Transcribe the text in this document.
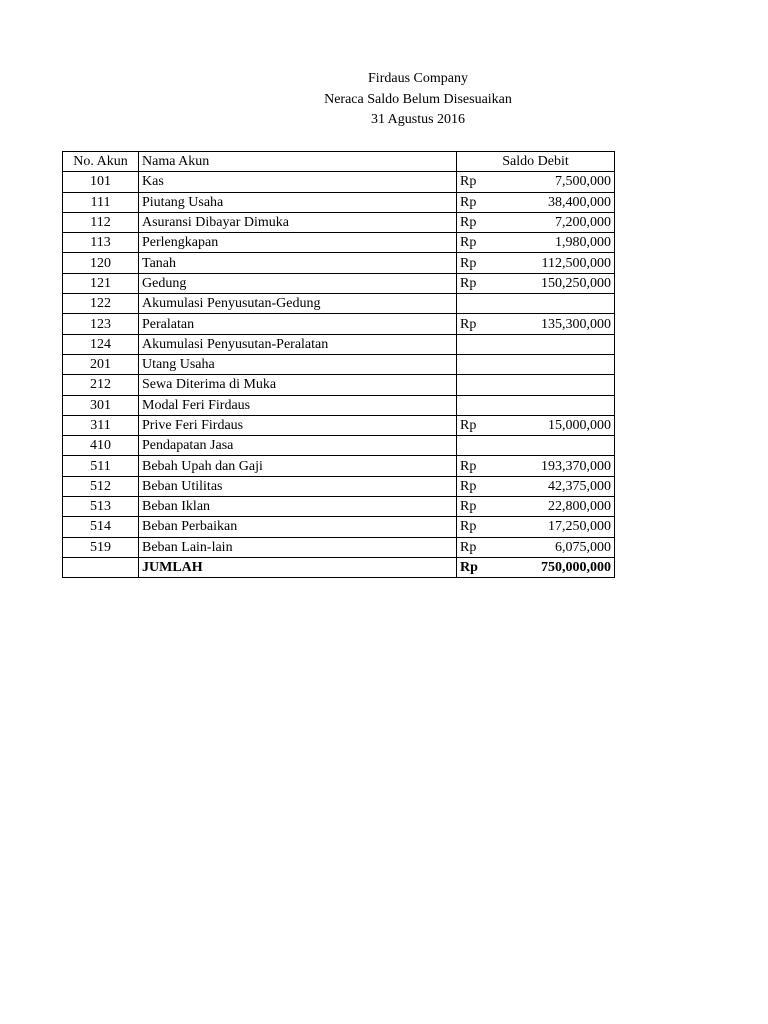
Firdaus Company
Neraca Saldo Belum Disesuaikan
31 Agustus 2016
No. Akun	Nama Akun	Saldo Debit	
101	Kas	Rp	7,500,000
111	Piutang Usaha	Rp	38,400,000
112	Asuransi Dibayar Dimuka	Rp	7,200,000
113	Perlengkapan	Rp	1,980,000
120	Tanah	Rp	112,500,000
121	Gedung	Rp	150,250,000
122	Akumulasi Penyusutan-Gedung		
123	Peralatan	Rp	135,300,000
124	Akumulasi Penyusutan-Peralatan		
201	Utang Usaha		
212	Sewa Diterima di Muka		
301	Modal Feri Firdaus		
311	Prive Feri Firdaus	Rp	15,000,000
410	Pendapatan Jasa		
511	Bebah Upah dan Gaji	Rp	193,370,000
512	Beban Utilitas	Rp	42,375,000
513	Beban Iklan	Rp	22,800,000
514	Beban Perbaikan	Rp	17,250,000
519	Beban Lain-lain	Rp	6,075,000
	JUMLAH	Rp	750,000,000
